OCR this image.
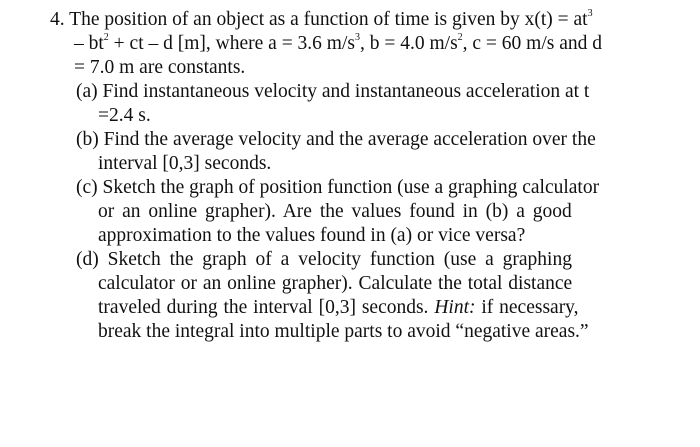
4. The position of an object as a function of time is given by $x(t) = at^3$
– $bt^2$ + ct – d [m], where a = 3.6 $m/s^3$, b = 4.0 $m/s^2$, c = 60 m/s and d
= 7.0 m are constants.
(a) Find instantaneous velocity and instantaneous acceleration at t
=2.4 s.
(b) Find the average velocity and the average acceleration over the
interval [0,3] seconds.
(c) Sketch the graph of position function (use a graphing calculator
or an online grapher). Are the values found in (b) a good
approximation to the values found in (a) or vice versa?
(d) Sketch the graph of a velocity function (use a graphing
calculator or an online grapher). Calculate the total distance
traveled during the interval [0,3] seconds. Hint: if necessary,
break the integral into multiple parts to avoid “negative areas.”
